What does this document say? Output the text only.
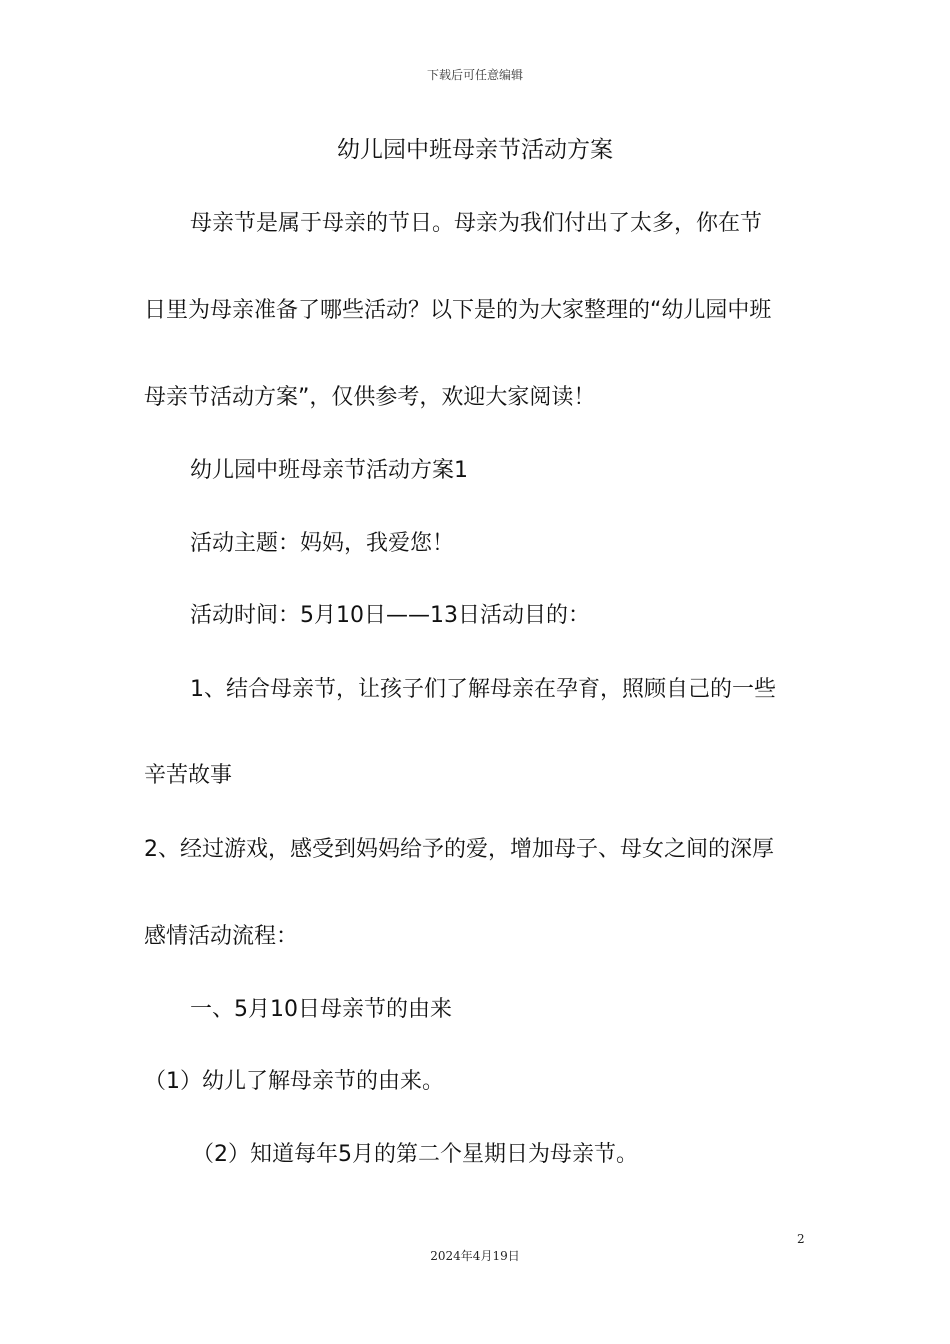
下载后可任意编辑
幼儿园中班母亲节活动方案
母亲节是属于母亲的节日。母亲为我们付出了太多，你在节
日里为母亲准备了哪些活动？以下是的为大家整理的“幼儿园中班
母亲节活动方案”，仅供参考，欢迎大家阅读！
幼儿园中班母亲节活动方案1
活动主题：妈妈，我爱您！
活动时间：5月10日——13日活动目的：
1、结合母亲节，让孩子们了解母亲在孕育，照顾自己的一些
辛苦故事
2、经过游戏，感受到妈妈给予的爱，增加母子、母女之间的深厚
感情活动流程：
一、5月10日母亲节的由来
（1）幼儿了解母亲节的由来。
（2）知道每年5月的第二个星期日为母亲节。
2
2024年4月19日
